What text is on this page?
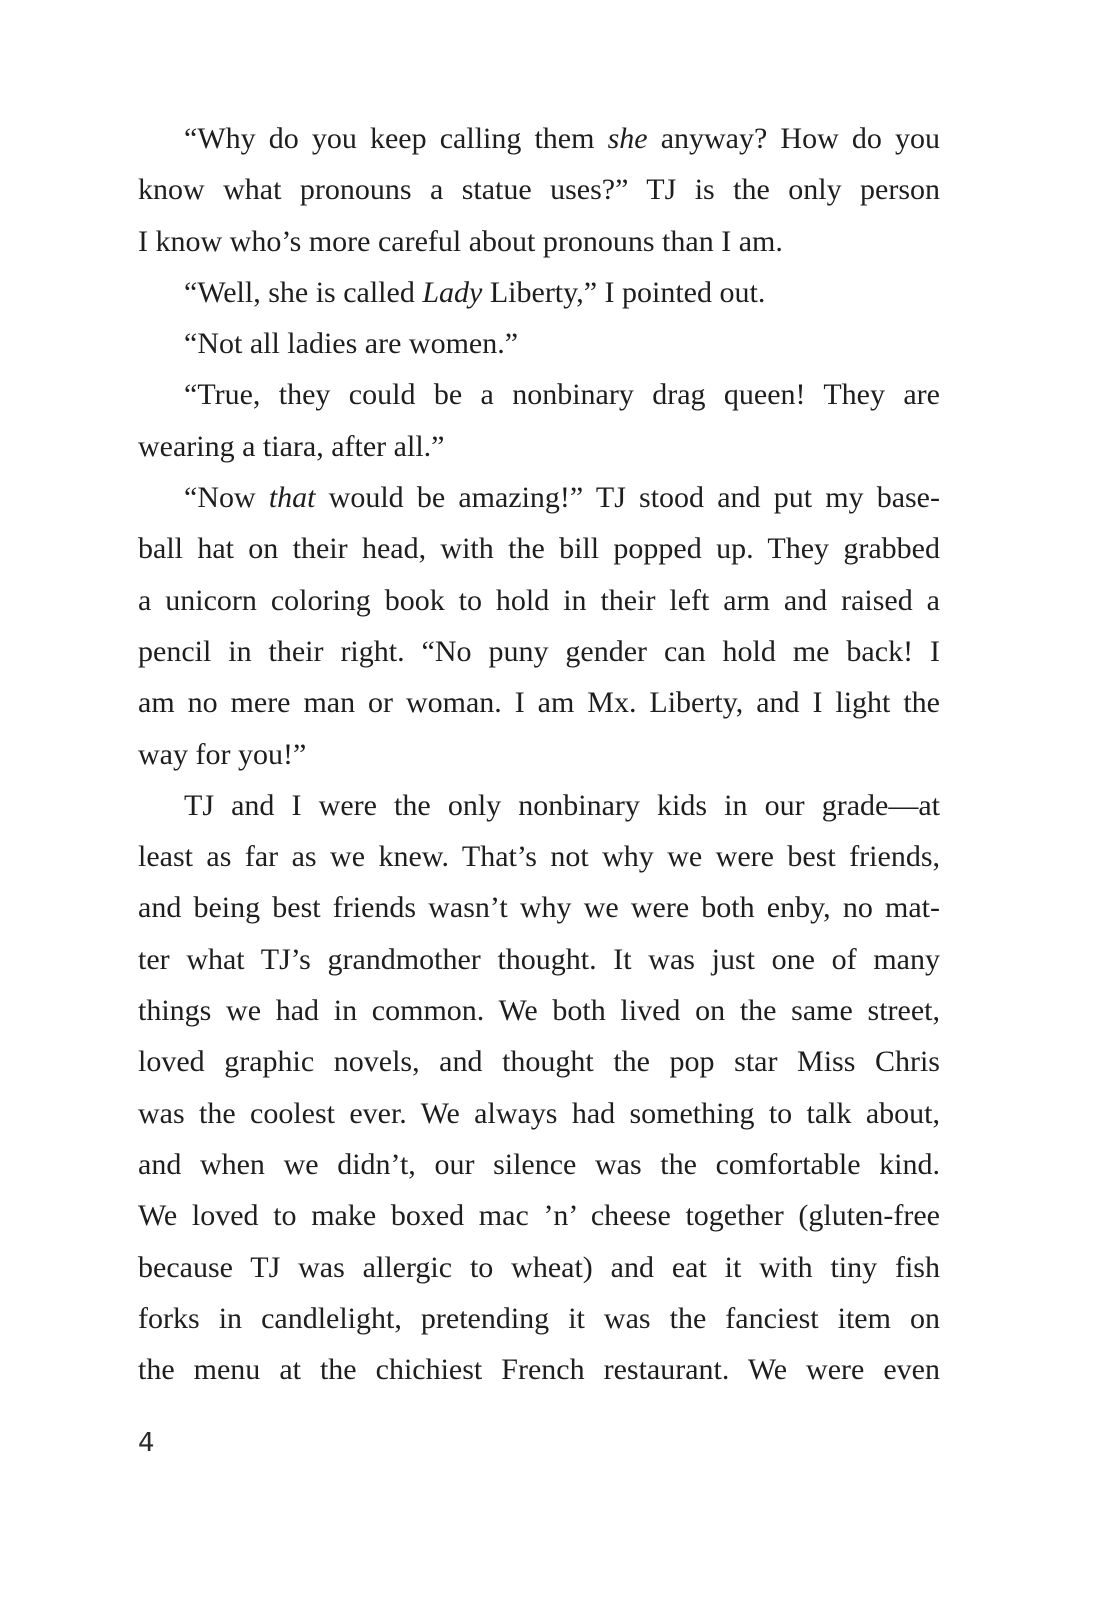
“Why do you keep calling them she anyway? How do you
know what pronouns a statue uses?” TJ is the only person
I know who’s more careful about pronouns than I am.
“Well, she is called Lady Liberty,” I pointed out.
“Not all ladies are women.”
“True, they could be a nonbinary drag queen! They are
wearing a tiara, after all.”
“Now that would be amazing!” TJ stood and put my base-
ball hat on their head, with the bill popped up. They grabbed
a unicorn coloring book to hold in their left arm and raised a
pencil in their right. “No puny gender can hold me back! I
am no mere man or woman. I am Mx. Liberty, and I light the
way for you!”
TJ and I were the only nonbinary kids in our grade—at
least as far as we knew. That’s not why we were best friends,
and being best friends wasn’t why we were both enby, no mat-
ter what TJ’s grandmother thought. It was just one of many
things we had in common. We both lived on the same street,
loved graphic novels, and thought the pop star Miss Chris
was the coolest ever. We always had something to talk about,
and when we didn’t, our silence was the comfortable kind.
We loved to make boxed mac ’n’ cheese together (gluten-free
because TJ was allergic to wheat) and eat it with tiny fish
forks in candlelight, pretending it was the fanciest item on
the menu at the chichiest French restaurant. We were even
4
